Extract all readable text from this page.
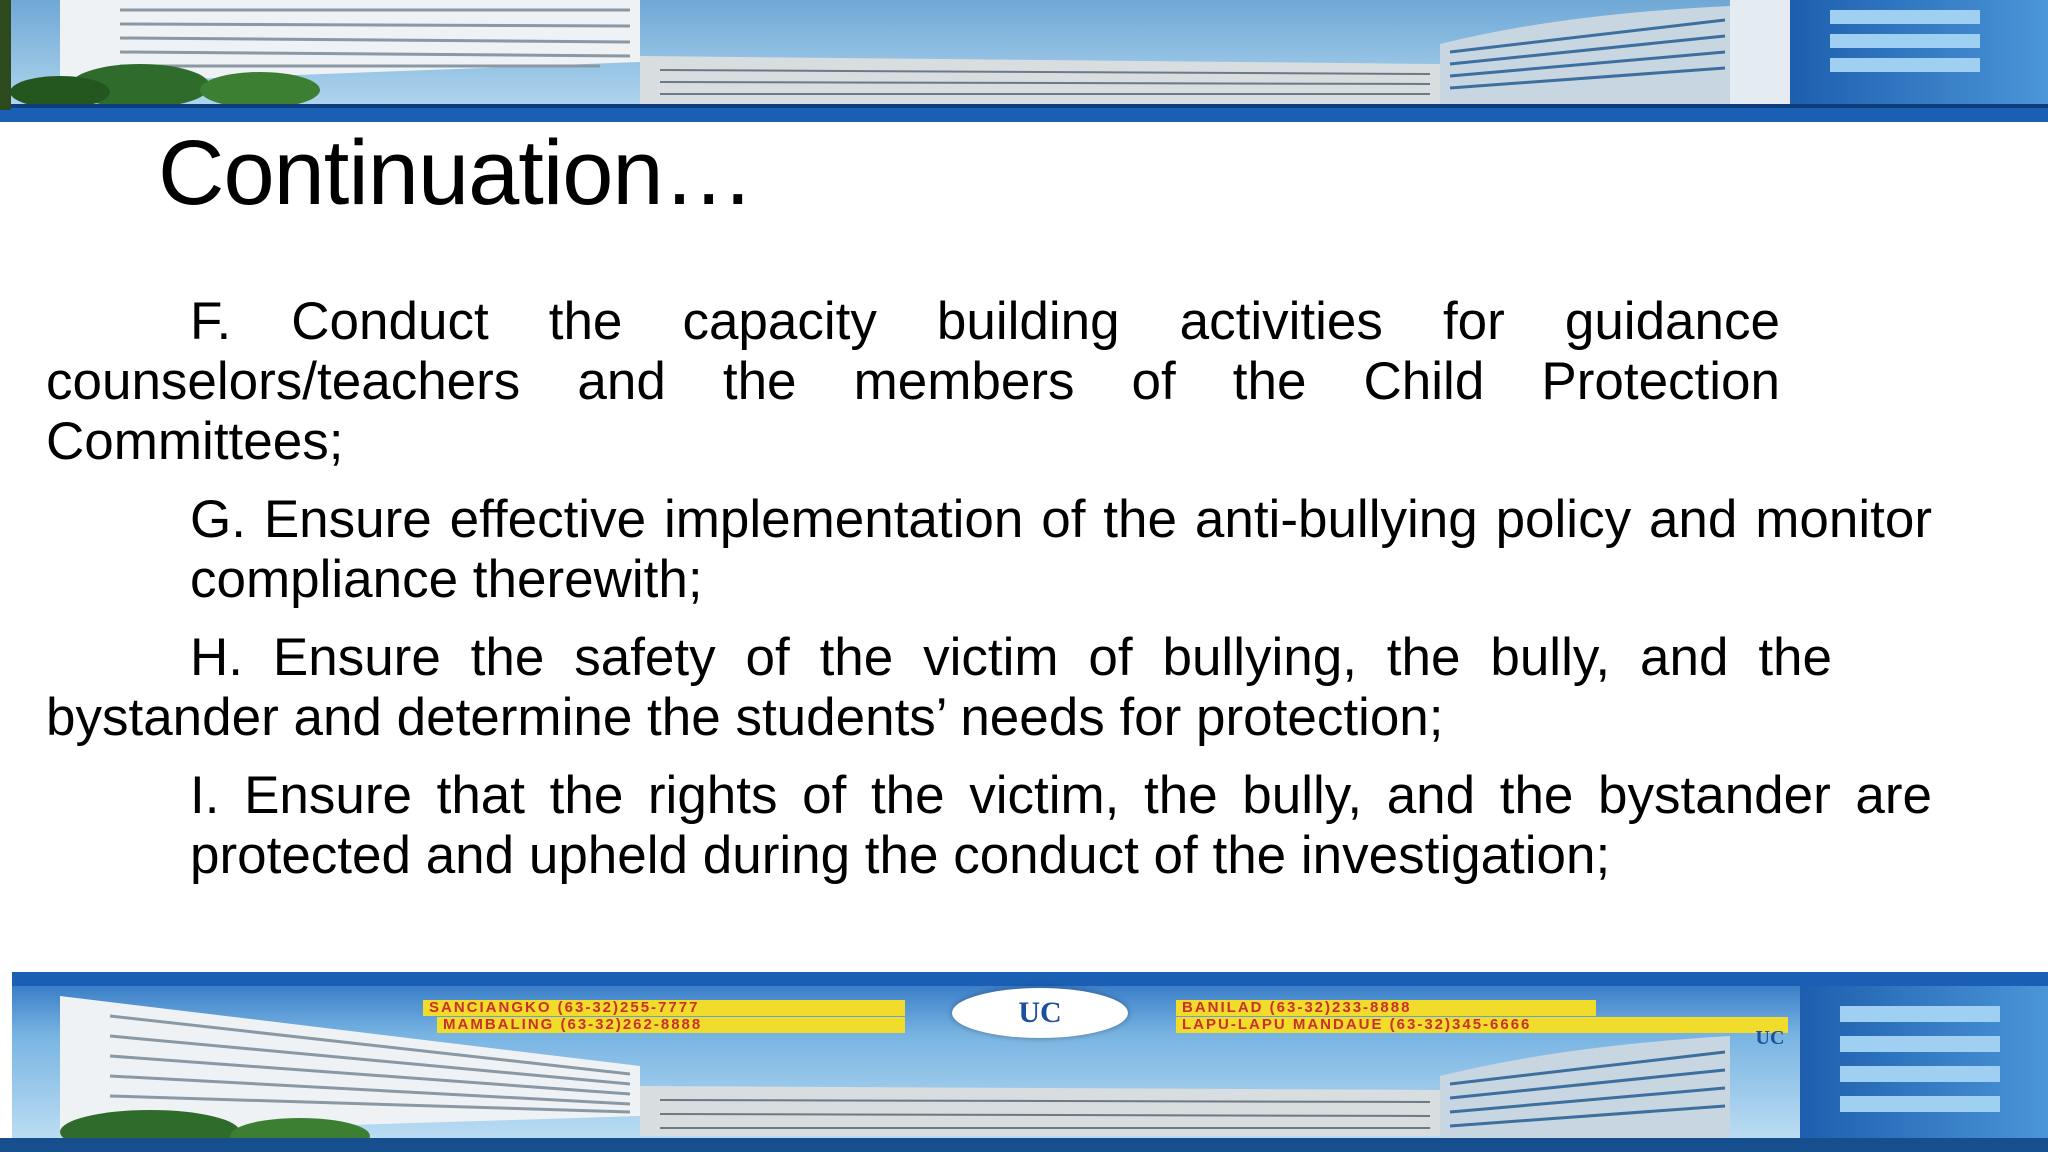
Continuation…

F. Conduct the capacity building activities for guidance counselors/teachers and the members of the Child Protection Committees;

G. Ensure effective implementation of the anti-bullying policy and monitor compliance therewith;

H. Ensure the safety of the victim of bullying, the bully, and the bystander and determine the students’ needs for protection;

I. Ensure that the rights of the victim, the bully, and the bystander are protected and upheld during the conduct of the investigation;

SANCIANGKO (63-32)255-7777
MAMBALING (63-32)262-8888
BANILAD (63-32)233-8888
LAPU-LAPU MANDAUE (63-32)345-6666
UC
UC
